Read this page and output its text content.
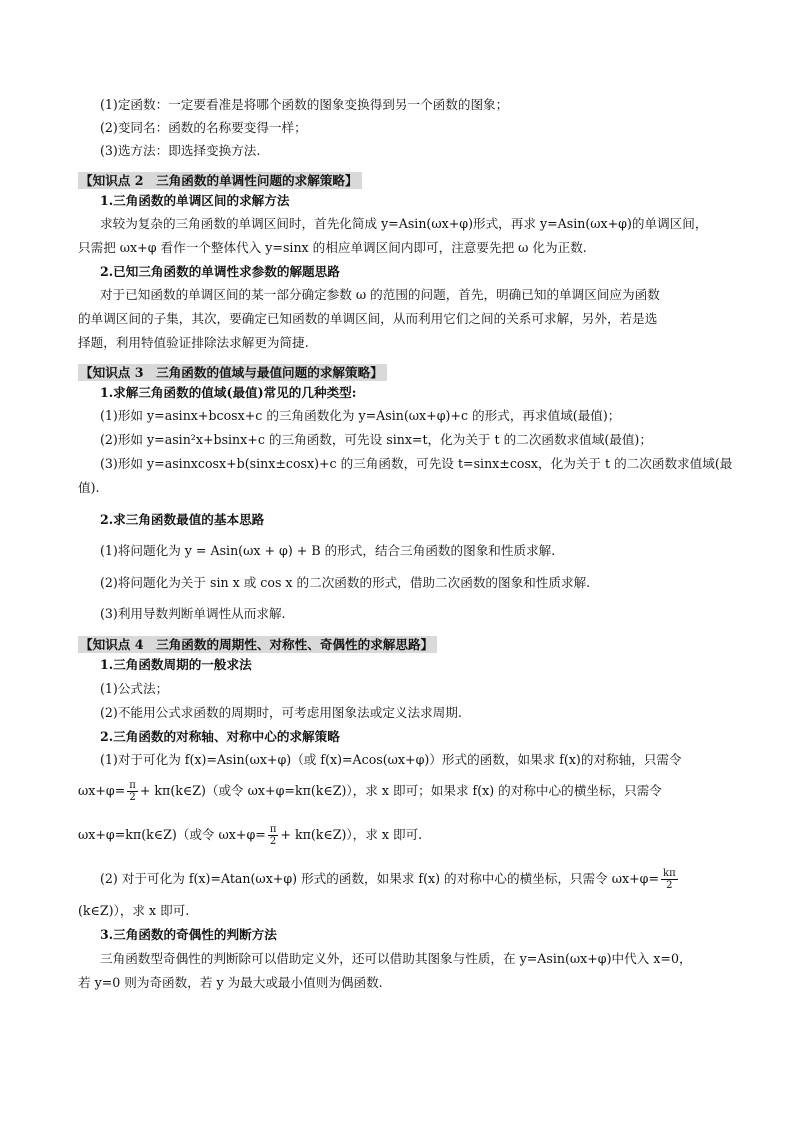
(1)定函数：一定要看准是将哪个函数的图象变换得到另一个函数的图象；
(2)变同名：函数的名称要变得一样；
(3)选方法：即选择变换方法.
【知识点 2　三角函数的单调性问题的求解策略】
1.三角函数的单调区间的求解方法
求较为复杂的三角函数的单调区间时，首先化简成 y=Asin(ωx+φ)形式，再求 y=Asin(ωx+φ)的单调区间，
只需把 ωx+φ 看作一个整体代入 y=sinx 的相应单调区间内即可，注意要先把 ω 化为正数.
2.已知三角函数的单调性求参数的解题思路
对于已知函数的单调区间的某一部分确定参数 ω 的范围的问题，首先，明确已知的单调区间应为函数
的单调区间的子集，其次，要确定已知函数的单调区间，从而利用它们之间的关系可求解，另外，若是选
择题，利用特值验证排除法求解更为简捷.
【知识点 3　三角函数的值域与最值问题的求解策略】
1.求解三角函数的值域(最值)常见的几种类型:
(1)形如 y=asinx+bcosx+c 的三角函数化为 y=Asin(ωx+φ)+c 的形式，再求值域(最值)；
(2)形如 y=asin²x+bsinx+c 的三角函数，可先设 sinx=t，化为关于 t 的二次函数求值域(最值)；
(3)形如 y=asinxcosx+b(sinx±cosx)+c 的三角函数，可先设 t=sinx±cosx，化为关于 t 的二次函数求值域(最
值).
2.求三角函数最值的基本思路
(1)将问题化为 y = Asin(ωx + φ) + B 的形式，结合三角函数的图象和性质求解.
(2)将问题化为关于 sin x 或 cos x 的二次函数的形式，借助二次函数的图象和性质求解.
(3)利用导数判断单调性从而求解.
【知识点 4　三角函数的周期性、对称性、奇偶性的求解思路】
1.三角函数周期的一般求法
(1)公式法；
(2)不能用公式求函数的周期时，可考虑用图象法或定义法求周期.
2.三角函数的对称轴、对称中心的求解策略
(1)对于可化为 f(x)=Asin(ωx+φ)（或 f(x)=Acos(ωx+φ)）形式的函数，如果求 f(x)的对称轴，只需令
$\omega x+\varphi= \frac{\pi}{2}$ + kπ(k∈Z)（或令 ωx+φ=kπ(k∈Z)），求 x 即可；如果求 f(x) 的对称中心的横坐标，只需令
ωx+φ=kπ(k∈Z)（或令 $\omega x+\varphi= \frac{\pi}{2}$ + kπ(k∈Z)），求 x 即可.
(2) 对于可化为 f(x)=Atan(ωx+φ) 形式的函数，如果求 f(x) 的对称中心的横坐标，只需令 $\omega x+\varphi= \frac{k\pi}{2}$
(k∈Z)），求 x 即可.
3.三角函数的奇偶性的判断方法
三角函数型奇偶性的判断除可以借助定义外，还可以借助其图象与性质，在 y=Asin(ωx+φ)中代入 x=0，
若 y=0 则为奇函数，若 y 为最大或最小值则为偶函数.
